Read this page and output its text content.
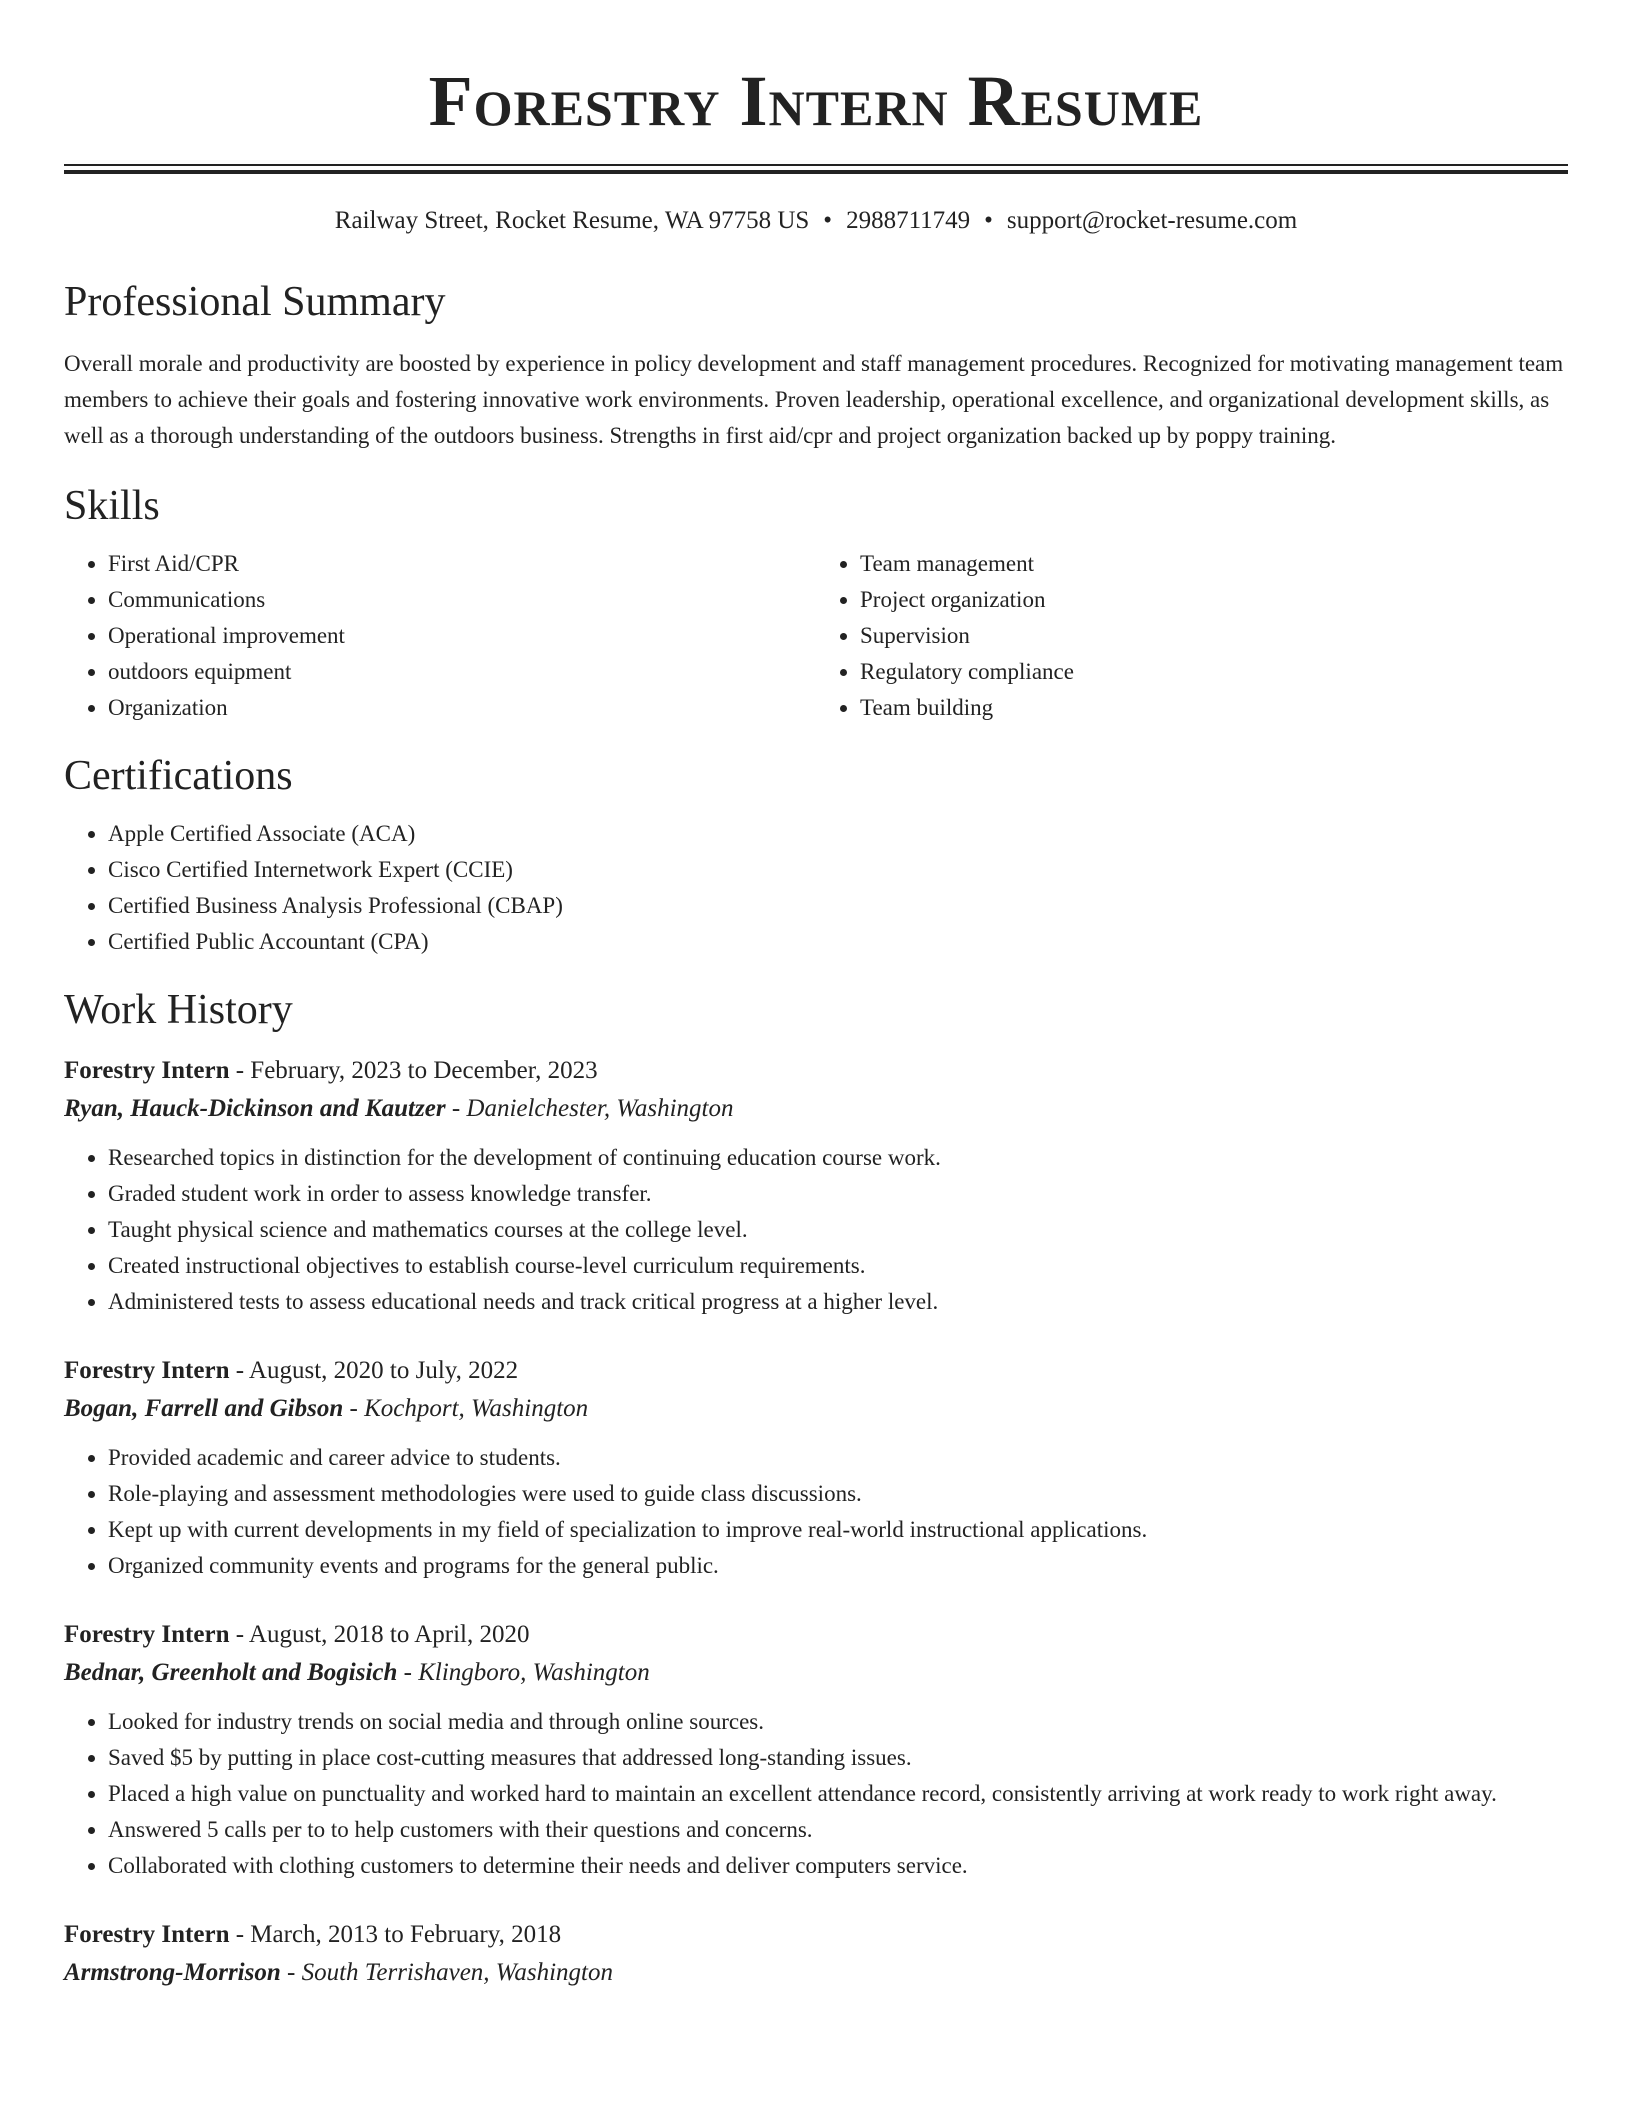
Forestry Intern Resume
Railway Street, Rocket Resume, WA 97758 US • 2988711749 • support@rocket-resume.com
Professional Summary

Overall morale and productivity are boosted by experience in policy development and staff management procedures. Recognized for motivating management team members to achieve their goals and fostering innovative work environments. Proven leadership, operational excellence, and organizational development skills, as well as a thorough understanding of the outdoors business. Strengths in first aid/cpr and project organization backed up by poppy training.

Skills
• First Aid/CPR
• Communications
• Operational improvement
• outdoors equipment
• Organization
• Team management
• Project organization
• Supervision
• Regulatory compliance
• Team building
Certifications
• Apple Certified Associate (ACA)
• Cisco Certified Internetwork Expert (CCIE)
• Certified Business Analysis Professional (CBAP)
• Certified Public Accountant (CPA)
Work History
Forestry Intern - February, 2023 to December, 2023
Ryan, Hauck-Dickinson and Kautzer - Danielchester, Washington
• Researched topics in distinction for the development of continuing education course work.
• Graded student work in order to assess knowledge transfer.
• Taught physical science and mathematics courses at the college level.
• Created instructional objectives to establish course-level curriculum requirements.
• Administered tests to assess educational needs and track critical progress at a higher level.
Forestry Intern - August, 2020 to July, 2022
Bogan, Farrell and Gibson - Kochport, Washington
• Provided academic and career advice to students.
• Role-playing and assessment methodologies were used to guide class discussions.
• Kept up with current developments in my field of specialization to improve real-world instructional applications.
• Organized community events and programs for the general public.
Forestry Intern - August, 2018 to April, 2020
Bednar, Greenholt and Bogisich - Klingboro, Washington
• Looked for industry trends on social media and through online sources.
• Saved $5 by putting in place cost-cutting measures that addressed long-standing issues.
• Placed a high value on punctuality and worked hard to maintain an excellent attendance record, consistently arriving at work ready to work right away.
• Answered 5 calls per to to help customers with their questions and concerns.
• Collaborated with clothing customers to determine their needs and deliver computers service.
Forestry Intern - March, 2013 to February, 2018
Armstrong-Morrison - South Terrishaven, Washington
